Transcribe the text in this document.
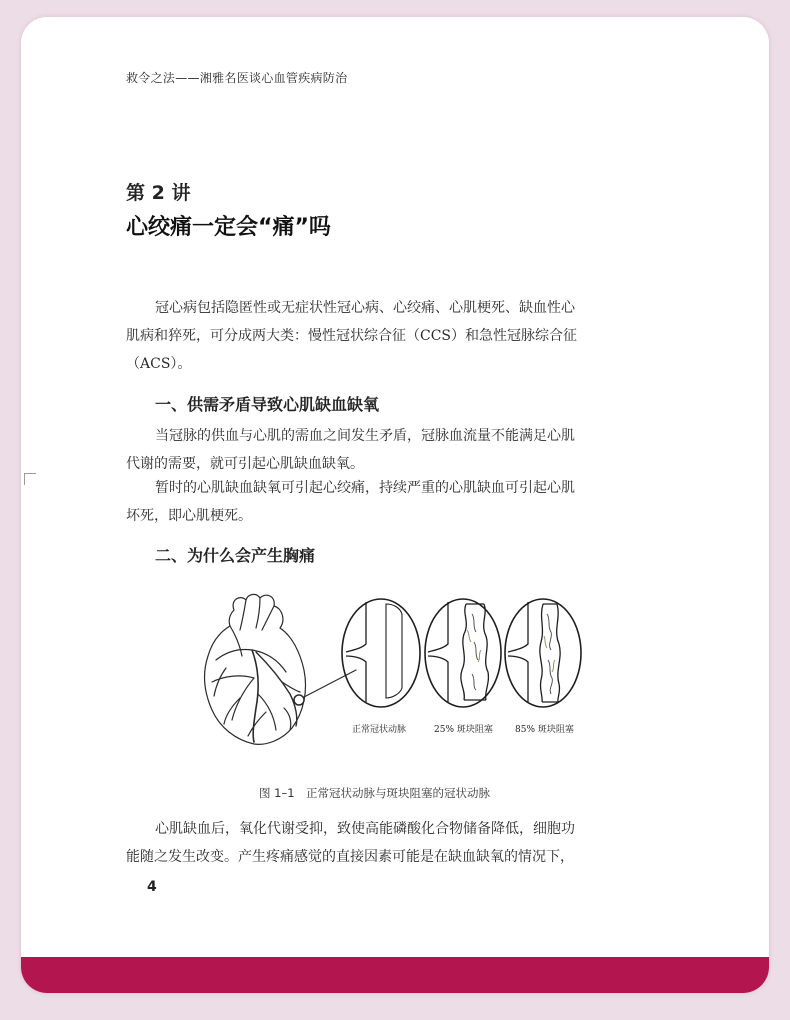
救令之法——湘雅名医谈心血管疾病防治
第 2 讲
心绞痛一定会“痛”吗

冠心病包括隐匿性或无症状性冠心病、心绞痛、心肌梗死、缺血性心
肌病和猝死，可分成两大类：慢性冠状综合征（CCS）和急性冠脉综合征
（ACS）。

一、供需矛盾导致心肌缺血缺氧

当冠脉的供血与心肌的需血之间发生矛盾，冠脉血流量不能满足心肌
代谢的需要，就可引起心肌缺血缺氧。

暂时的心肌缺血缺氧可引起心绞痛，持续严重的心肌缺血可引起心肌
坏死，即心肌梗死。

二、为什么会产生胸痛
正常冠状动脉	25% 斑块阻塞 85% 斑块阻塞
图 1–1　正常冠状动脉与斑块阻塞的冠状动脉

心肌缺血后，氧化代谢受抑，致使高能磷酸化合物储备降低，细胞功
能随之发生改变。产生疼痛感觉的直接因素可能是在缺血缺氧的情况下，

4
